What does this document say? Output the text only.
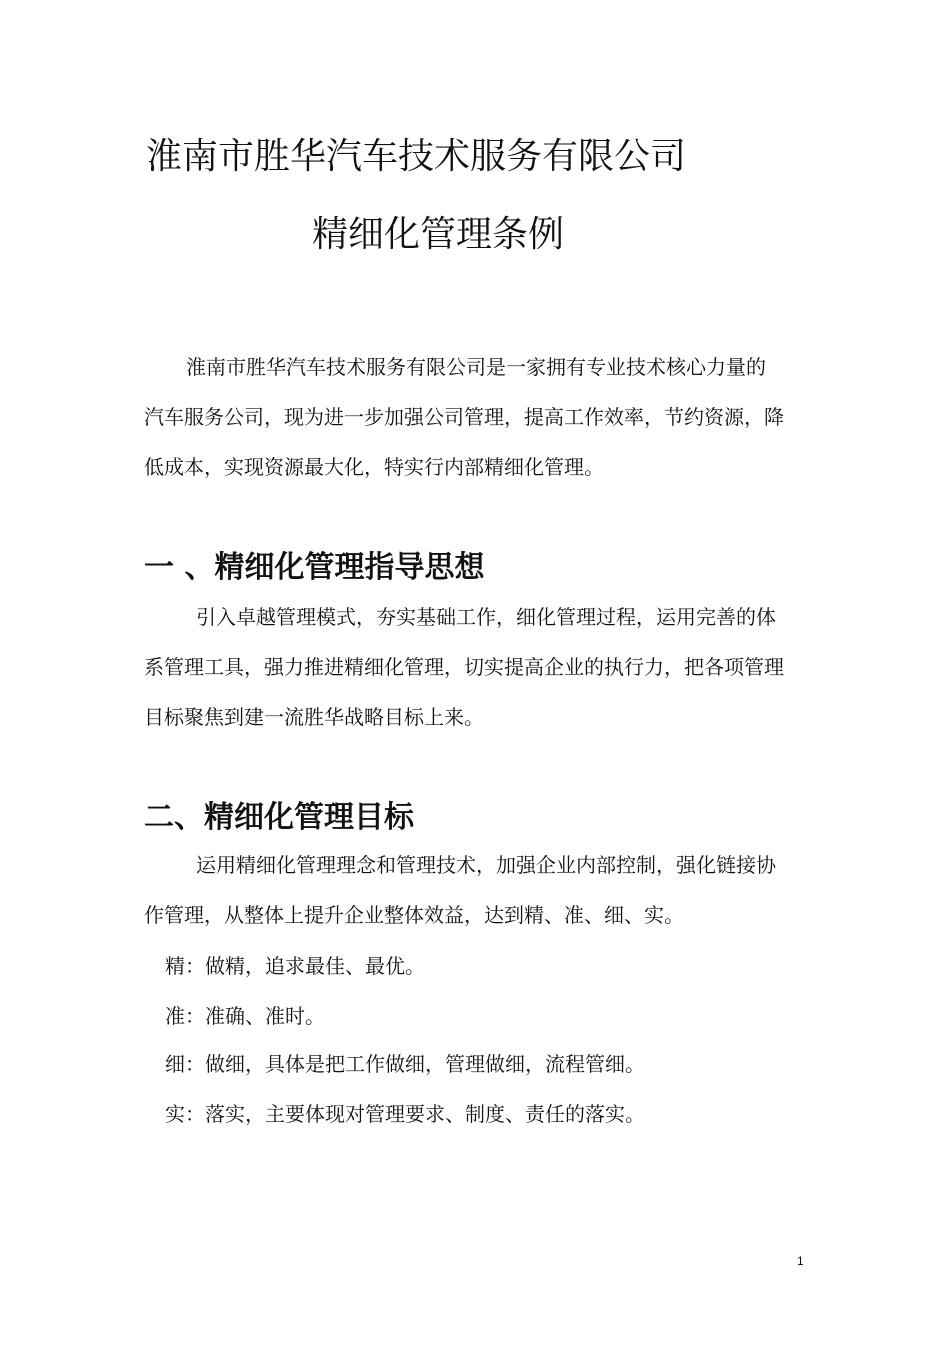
淮南市胜华汽车技术服务有限公司
精细化管理条例

淮南市胜华汽车技术服务有限公司是一家拥有专业技术核心力量的汽车服务公司，现为进一步加强公司管理，提高工作效率，节约资源，降低成本，实现资源最大化，特实行内部精细化管理。

一 、精细化管理指导思想

引入卓越管理模式，夯实基础工作，细化管理过程，运用完善的体系管理工具，强力推进精细化管理，切实提高企业的执行力，把各项管理目标聚焦到建一流胜华战略目标上来。

二、精细化管理目标

运用精细化管理理念和管理技术，加强企业内部控制，强化链接协作管理，从整体上提升企业整体效益，达到精、准、细、实。

精：做精，追求最佳、最优。

准：准确、准时。

细：做细，具体是把工作做细，管理做细，流程管细。

实：落实，主要体现对管理要求、制度、责任的落实。

1
